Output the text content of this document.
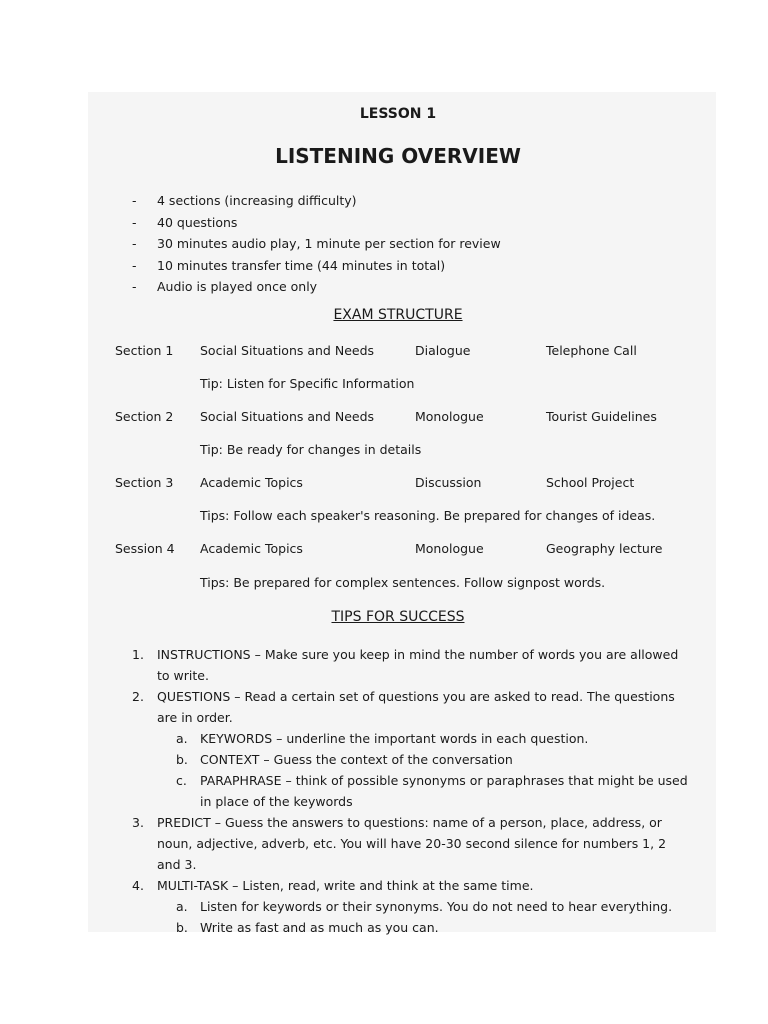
LESSON 1
LISTENING OVERVIEW
- 4 sections (increasing difficulty)
- 40 questions
- 30 minutes audio play, 1 minute per section for review
- 10 minutes transfer time (44 minutes in total)
- Audio is played once only
EXAM STRUCTURE
Section 1 Social Situations and Needs	Dialogue	Telephone Call
Tip: Listen for Specific Information
Section 2 Social Situations and Needs	Monologue	Tourist Guidelines
Tip: Be ready for changes in details
Section 3 Academic Topics	Discussion	School Project
Tips: Follow each speaker's reasoning. Be prepared for changes of ideas.
Session 4 Academic Topics	Monologue	Geography lecture
Tips: Be prepared for complex sentences. Follow signpost words.
TIPS FOR SUCCESS
1. INSTRUCTIONS – Make sure you keep in mind the number of words you are allowed to write.
2. QUESTIONS – Read a certain set of questions you are asked to read. The questions are in order.
a. KEYWORDS – underline the important words in each question.
b. CONTEXT – Guess the context of the conversation
c.	PARAPHRASE – think of possible synonyms or paraphrases that might be used in place of the keywords
3. PREDICT – Guess the answers to questions: name of a person, place, address, or noun, adjective, adverb, etc. You will have 20-30 second silence for numbers 1, 2 and 3.
4. MULTI-TASK – Listen, read, write and think at the same time.
a. Listen for keywords or their synonyms. You do not need to hear everything.
b. Write as fast and as much as you can.
